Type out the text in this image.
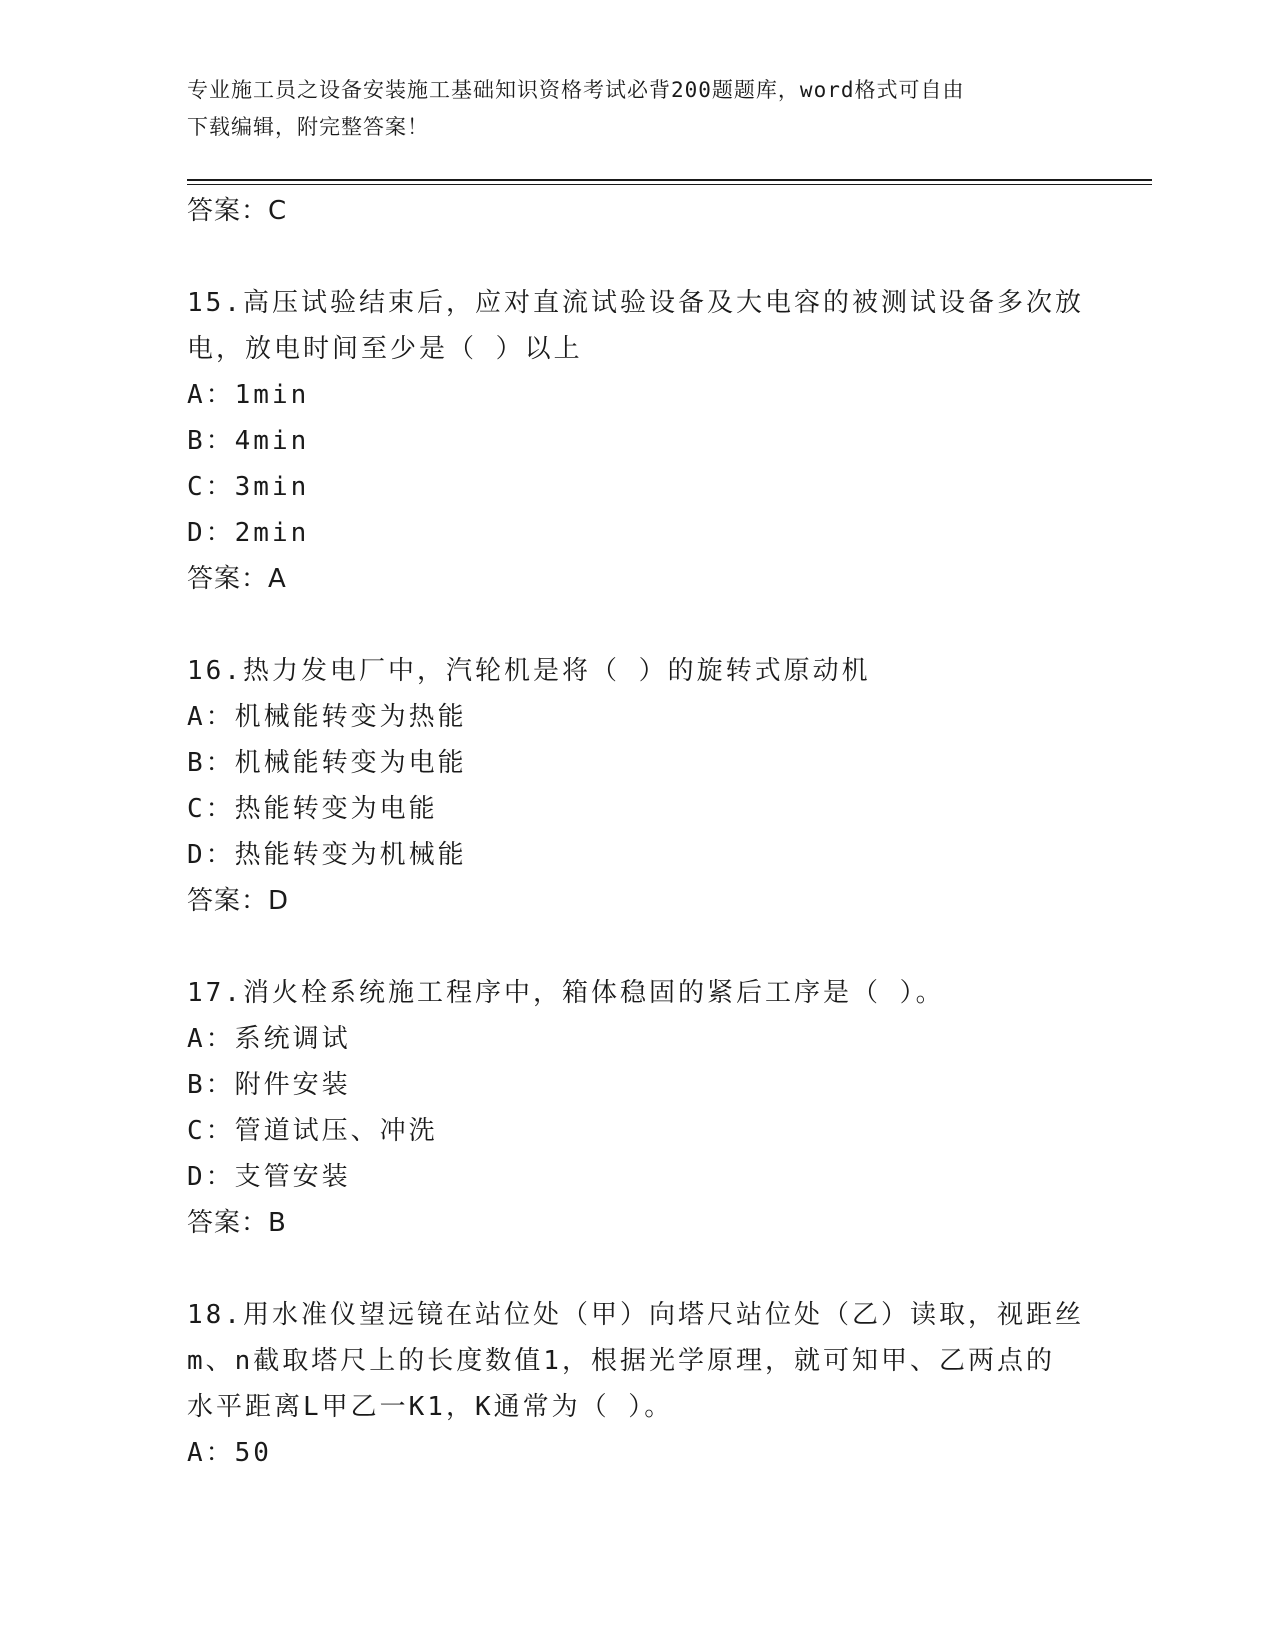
专业施工员之设备安装施工基础知识资格考试必背200题题库，word格式可自由
下载编辑，附完整答案！
答案：C
15.高压试验结束后，应对直流试验设备及大电容的被测试设备多次放
电，放电时间至少是（ ）以上
A：1min
B：4min
C：3min
D：2min
答案：A
16.热力发电厂中，汽轮机是将（ ）的旋转式原动机
A：机械能转变为热能
B：机械能转变为电能
C：热能转变为电能
D：热能转变为机械能
答案：D
17.消火栓系统施工程序中，箱体稳固的紧后工序是（ ）。
A：系统调试
B：附件安装
C：管道试压、冲洗
D：支管安装
答案：B
18.用水准仪望远镜在站位处（甲）向塔尺站位处（乙）读取，视距丝
m、n截取塔尺上的长度数值1，根据光学原理，就可知甲、乙两点的
水平距离L甲乙一K1，K通常为（ ）。
A：50
